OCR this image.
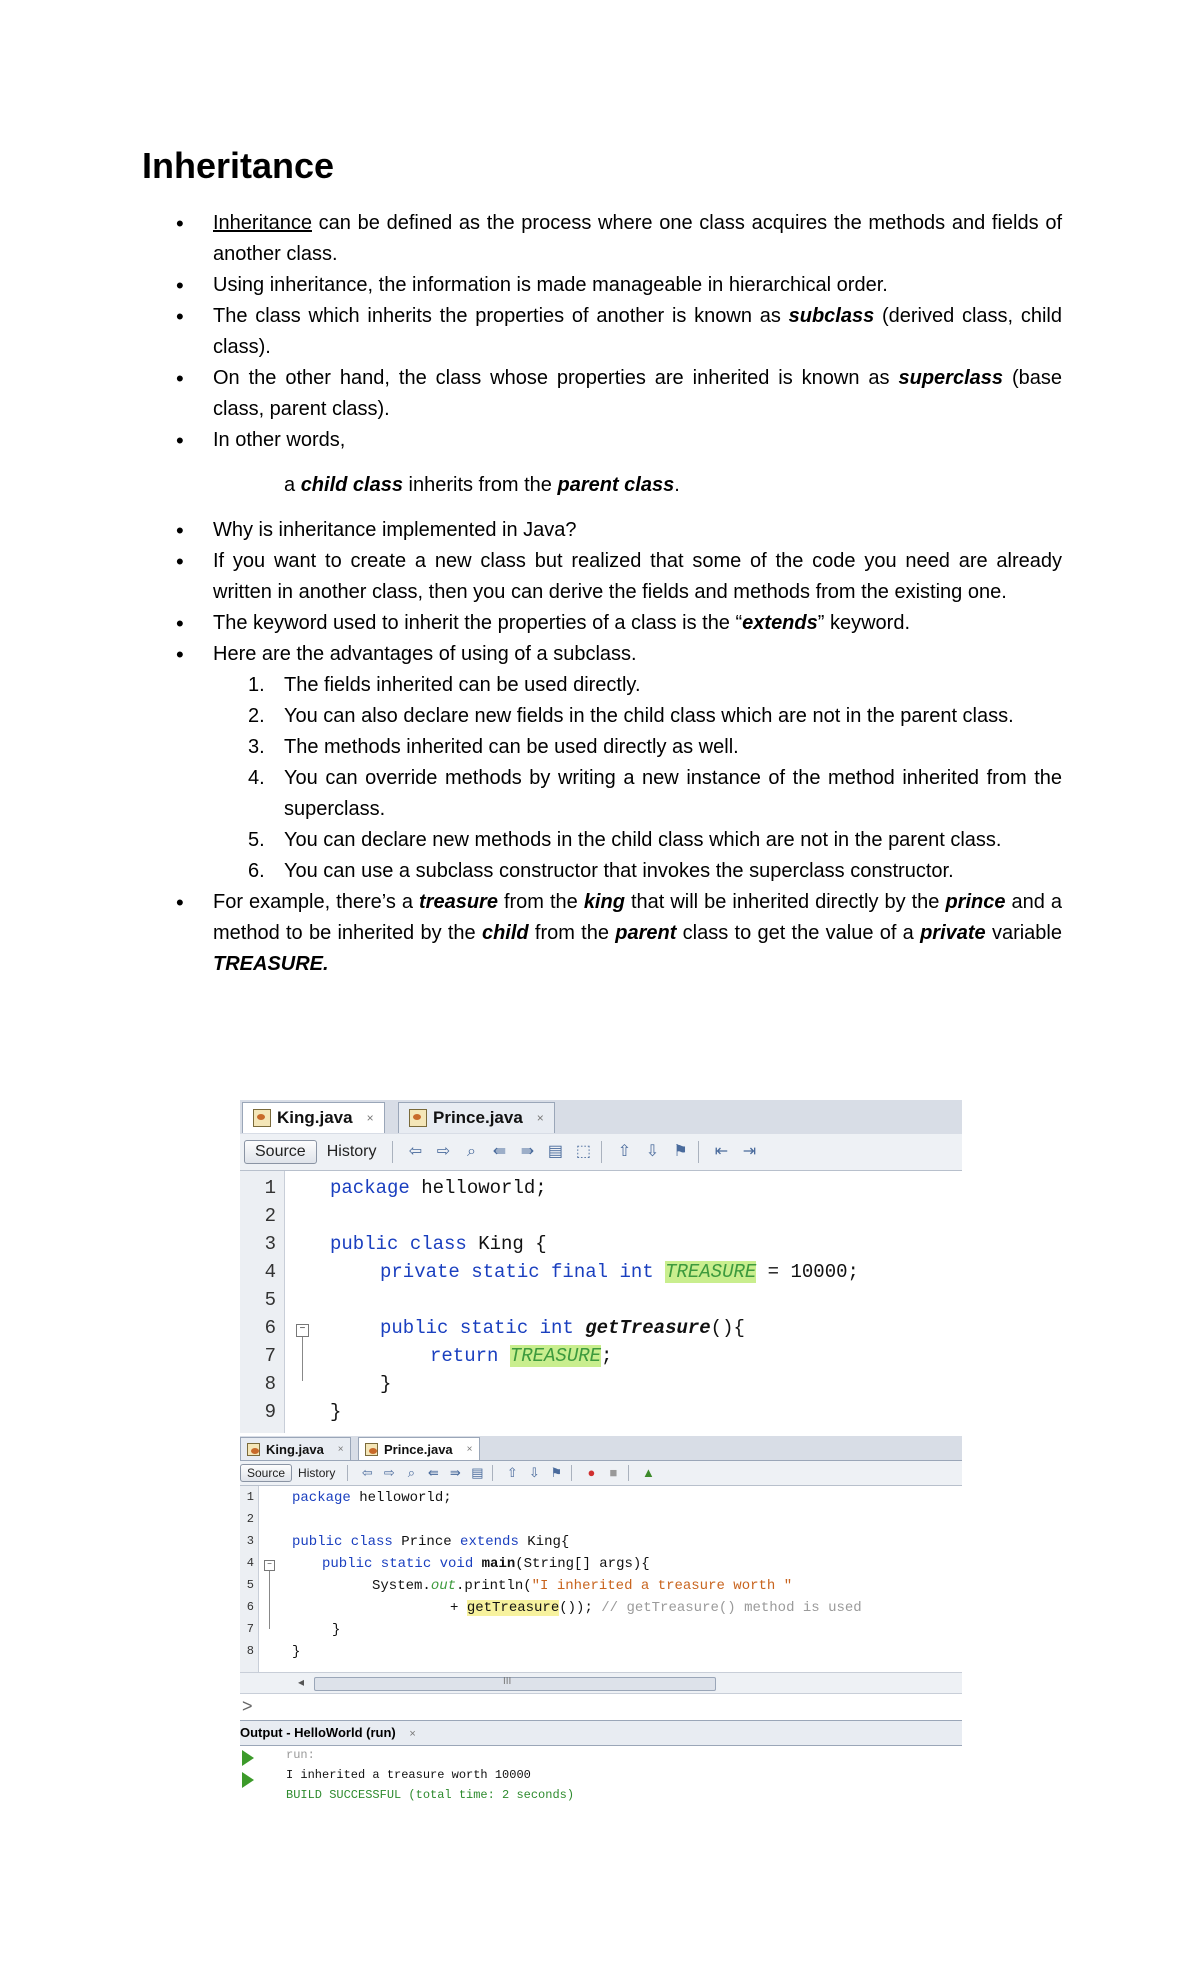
Inheritance
• Inheritance can be defined as the process where one class acquires the methods and fields of another class.
• Using inheritance, the information is made manageable in hierarchical order.
• The class which inherits the properties of another is known as subclass (derived class, child class).
• On the other hand, the class whose properties are inherited is known as superclass (base class, parent class).
• In other words,
a child class inherits from the parent class.
• Why is inheritance implemented in Java?
• If you want to create a new class but realized that some of the code you need are already written in another class, then you can derive the fields and methods from the existing one.
• The keyword used to inherit the properties of a class is the “extends” keyword.
• Here are the advantages of using of a subclass.
1. The fields inherited can be used directly.
2. You can also declare new fields in the child class which are not in the parent class.
3. The methods inherited can be used directly as well.
4. You can override methods by writing a new instance of the method inherited from the superclass.
5. You can declare new methods in the child class which are not in the parent class.
6. You can use a subclass constructor that invokes the superclass constructor.
• For example, there’s a treasure from the king that will be inherited directly by the prince and a method to be inherited by the child from the parent class to get the value of a private variable TREASURE.
King.java ×	Prince.java ×
Source	History	⇦ ⇨	⌕	⇚ ⇛ ▤ ⬚	⇧ ⇩ ⚑	⇤ ⇥
1
2
3
4
5
6
7
8
9
−
package helloworld;
public class King {
private static final int TREASURE = 10000;
public static int getTreasure(){
return TREASURE;
}
}
King.java ×	Prince.java ×
Source	History	⇦ ⇨ ⌕ ⇚ ⇛ ▤ ⇧ ⇩ ⚑	●	■	▲
1
2
3
4
5
6
7
8
−
package helloworld;
public class Prince extends King{
public static void main(String[] args){
System.out.println("I inherited a treasure worth "
+ getTreasure()); // getTreasure() method is used
}
}
◂	III
>
Output - HelloWorld (run) ×
run:
I inherited a treasure worth 10000
BUILD SUCCESSFUL (total time: 2 seconds)
